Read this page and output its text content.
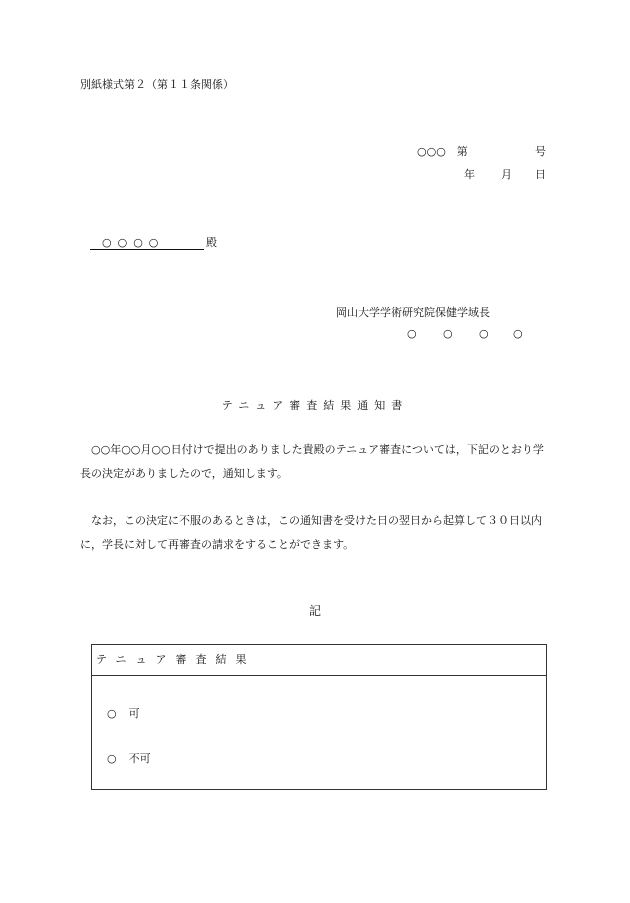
別紙様式第２（第１１条関係）
○○○　第	号
年 月 日
○○○○	殿
岡山大学学術研究院保健学域長
○ ○ ○ ○
テニュア審査結果通知書
○○年○○月○○日付けで提出のありました貴殿のテニュア審査については，下記のとおり学長の決定がありましたので，通知します。
なお，この決定に不服のあるときは，この通知書を受けた日の翌日から起算して３０日以内に，学長に対して再審査の請求をすることができます。
記
テニュア審査結果
○ 可
○ 不可
